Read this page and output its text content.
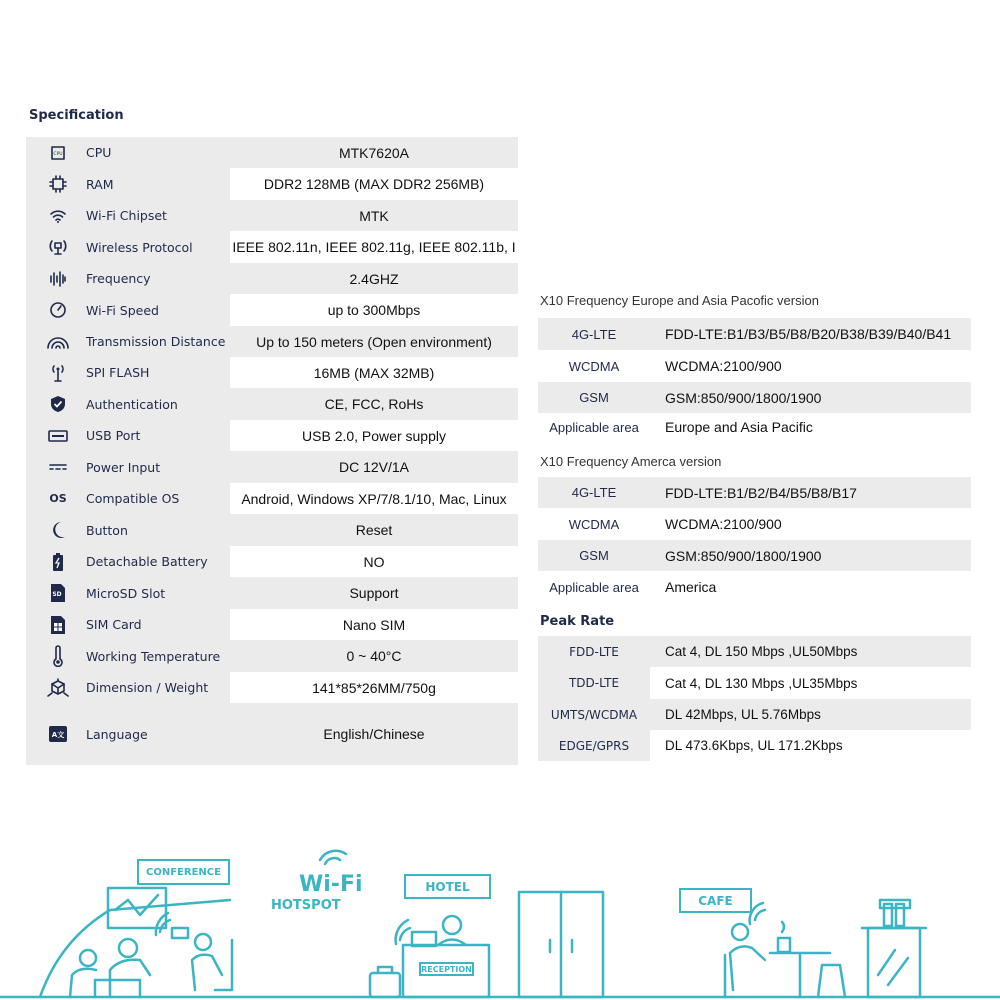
Specification
CPU CPU	MTK7620A
RAM	DDR2 128MB (MAX DDR2 256MB)
Wi-Fi Chipset	MTK
Wireless Protocol	IEEE 802.11n, IEEE 802.11g, IEEE 802.11b, I
Frequency	2.4GHZ
Wi-Fi Speed	up to 300Mbps
Transmission Distance	Up to 150 meters (Open environment)
SPI FLASH	16MB (MAX 32MB)
Authentication	CE, FCC, RoHs
USB Port	USB 2.0, Power supply
Power Input	DC 12V/1A
OS Compatible OS	Android, Windows XP/7/8.1/10, Mac, Linux
Button	Reset
Detachable Battery	NO
SD MicroSD Slot	Support
SIM Card	Nano SIM
Working Temperature	0 ~ 40°C
Dimension / Weight	141*85*26MM/750g
A文 Language	English/Chinese
X10 Frequency Europe and Asia Pacofic version
4G-LTE	FDD-LTE:B1/B3/B5/B8/B20/B38/B39/B40/B41
WCDMA	WCDMA:2100/900
GSM	GSM:850/900/1800/1900
Applicable area	Europe and Asia Pacific
X10 Frequency Amerca version
4G-LTE	FDD-LTE:B1/B2/B4/B5/B8/B17
WCDMA	WCDMA:2100/900
GSM	GSM:850/900/1800/1900
Applicable area	America
Peak Rate
FDD-LTE	Cat 4, DL 150 Mbps ,UL50Mbps
TDD-LTE	Cat 4, DL 130 Mbps ,UL35Mbps
UMTS/WCDMA	DL 42Mbps, UL 5.76Mbps
EDGE/GPRS	DL 473.6Kbps, UL 171.2Kbps
CONFERENCE	Wi-Fi
HOTSPOT
HOTEL
RECEPTION
CAFE
